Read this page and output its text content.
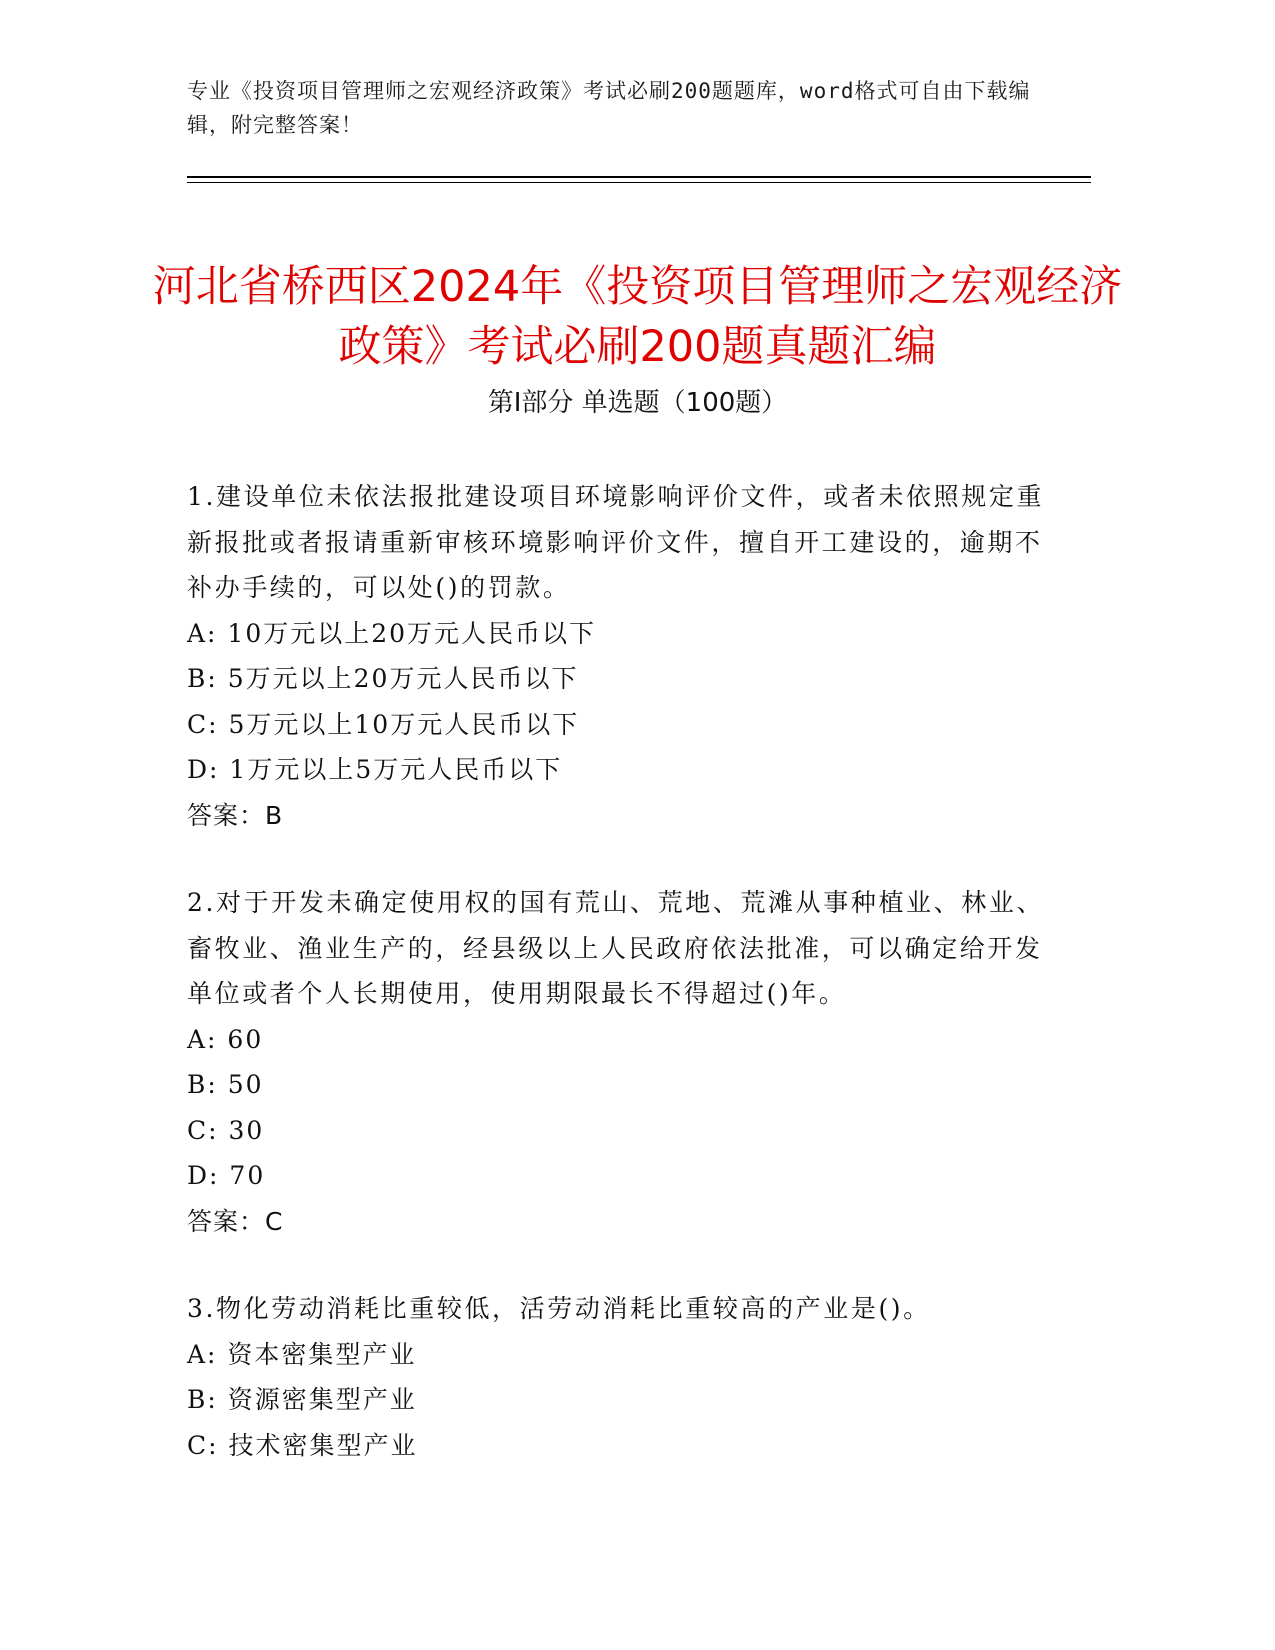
专业《投资项目管理师之宏观经济政策》考试必刷200题题库，word格式可自由下载编辑，附完整答案！
河北省桥西区2024年《投资项目管理师之宏观经济政策》考试必刷200题真题汇编
第I部分 单选题（100题）

1.建设单位未依法报批建设项目环境影响评价文件，或者未依照规定重新报批或者报请重新审核环境影响评价文件，擅自开工建设的，逾期不补办手续的，可以处()的罚款。

A: 10万元以上20万元人民币以下

B: 5万元以上20万元人民币以下

C: 5万元以上10万元人民币以下

D: 1万元以上5万元人民币以下

答案：B

2.对于开发未确定使用权的国有荒山、荒地、荒滩从事种植业、林业、畜牧业、渔业生产的，经县级以上人民政府依法批准，可以确定给开发单位或者个人长期使用，使用期限最长不得超过()年。

A: 60

B: 50

C: 30

D: 70

答案：C

3.物化劳动消耗比重较低，活劳动消耗比重较高的产业是()。

A: 资本密集型产业

B: 资源密集型产业

C: 技术密集型产业
